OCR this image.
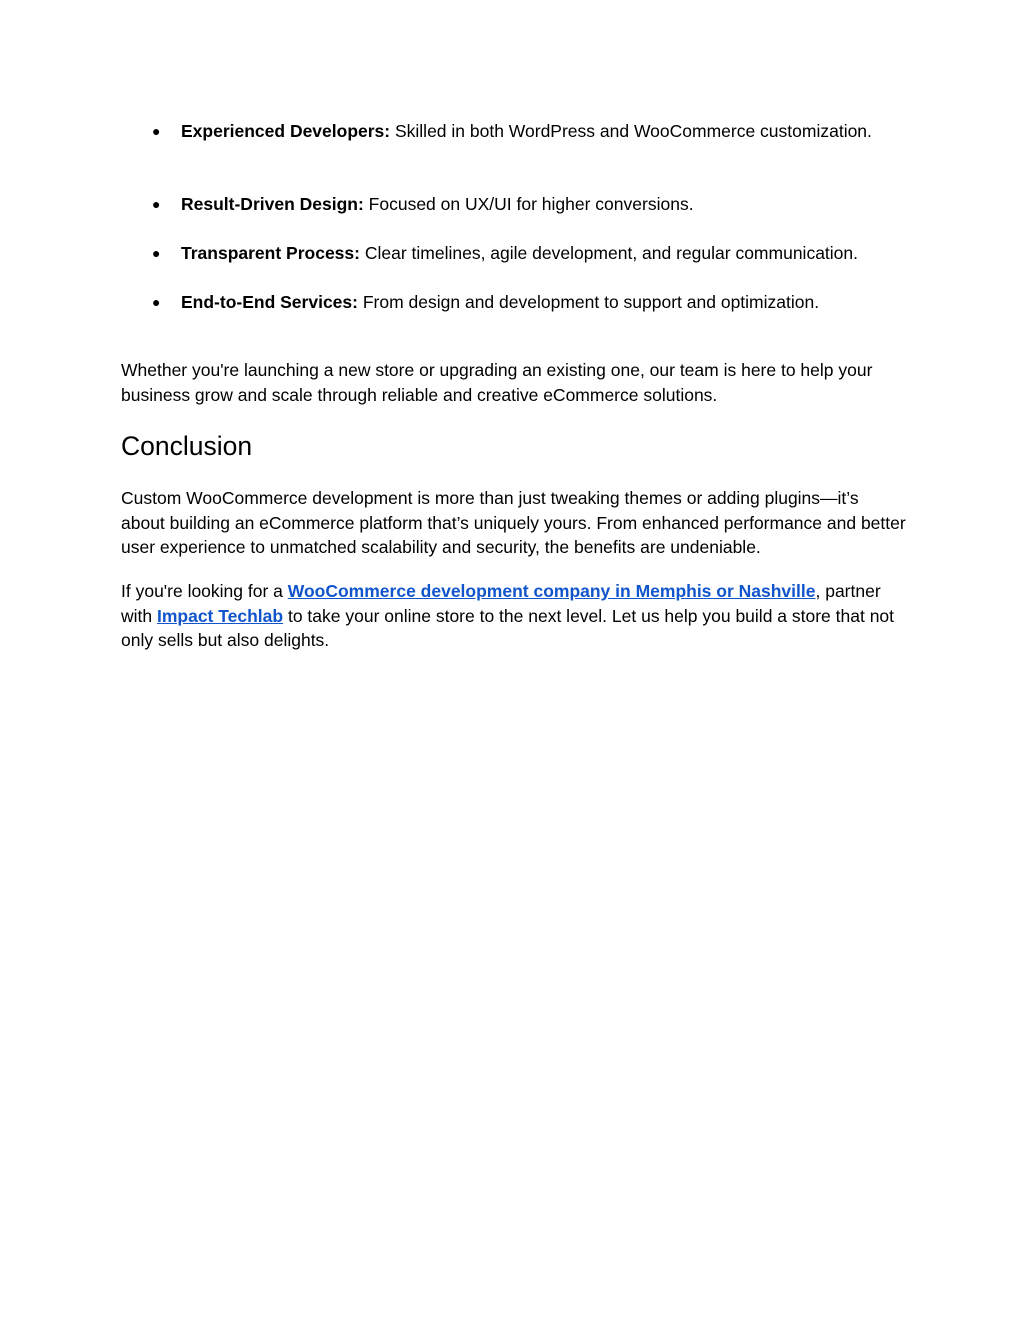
● Experienced Developers: Skilled in both WordPress and WooCommerce customization.
● Result-Driven Design: Focused on UX/UI for higher conversions.
● Transparent Process: Clear timelines, agile development, and regular communication.
● End-to-End Services: From design and development to support and optimization.

Whether you're launching a new store or upgrading an existing one, our team is here to help your business grow and scale through reliable and creative eCommerce solutions.

Conclusion

Custom WooCommerce development is more than just tweaking themes or adding plugins—it’s about building an eCommerce platform that’s uniquely yours. From enhanced performance and better user experience to unmatched scalability and security, the benefits are undeniable.

If you're looking for a WooCommerce development company in Memphis or Nashville, partner with Impact Techlab to take your online store to the next level. Let us help you build a store that not only sells but also delights.
